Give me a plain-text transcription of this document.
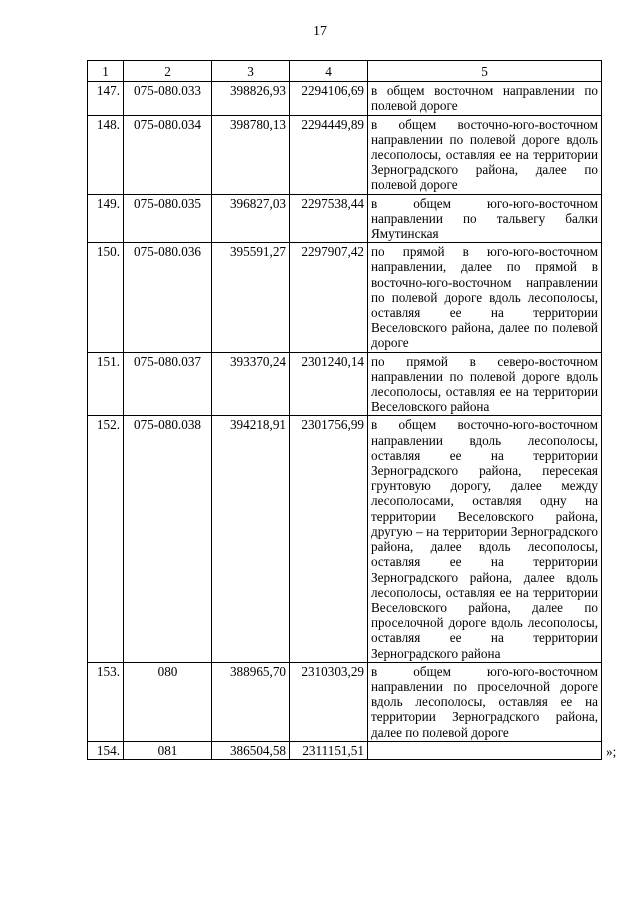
17
1	2	3	4	5
147.	075-080.033	398826,93	2294106,69	в общем восточном направлении по полевой дороге
148.	075-080.034	398780,13	2294449,89	в общем восточно-юго-восточном направлении по полевой дороге вдоль лесополосы, оставляя ее на территории Зерноградского района, далее по полевой дороге
149.	075-080.035	396827,03	2297538,44	в общем юго-юго-восточном направлении по тальвегу балки Ямутинская
150.	075-080.036	395591,27	2297907,42	по прямой в юго-юго-восточном направлении, далее по прямой в восточно-юго-восточном направлении по полевой дороге вдоль лесополосы, оставляя ее на территории Веселовского района, далее по полевой дороге
151.	075-080.037	393370,24	2301240,14	по прямой в северо-восточном направлении по полевой дороге вдоль лесополосы, оставляя ее на территории Веселовского района
152.	075-080.038	394218,91	2301756,99	в общем восточно-юго-восточном направлении вдоль лесополосы, оставляя ее на территории Зерноградского района, пересекая грунтовую дорогу, далее между лесополосами, оставляя одну на территории Веселовского района, другую – на территории Зерноградского района, далее вдоль лесополосы, оставляя ее на территории Зерноградского района, далее вдоль лесополосы, оставляя ее на территории Веселовского района, далее по проселочной дороге вдоль лесополосы, оставляя ее на территории Зерноградского района
153.	080	388965,70	2310303,29	в общем юго-юго-восточном направлении по проселочной дороге вдоль лесополосы, оставляя ее на территории Зерноградского района, далее по полевой дороге
154.	081	386504,58	2311151,51		»;
